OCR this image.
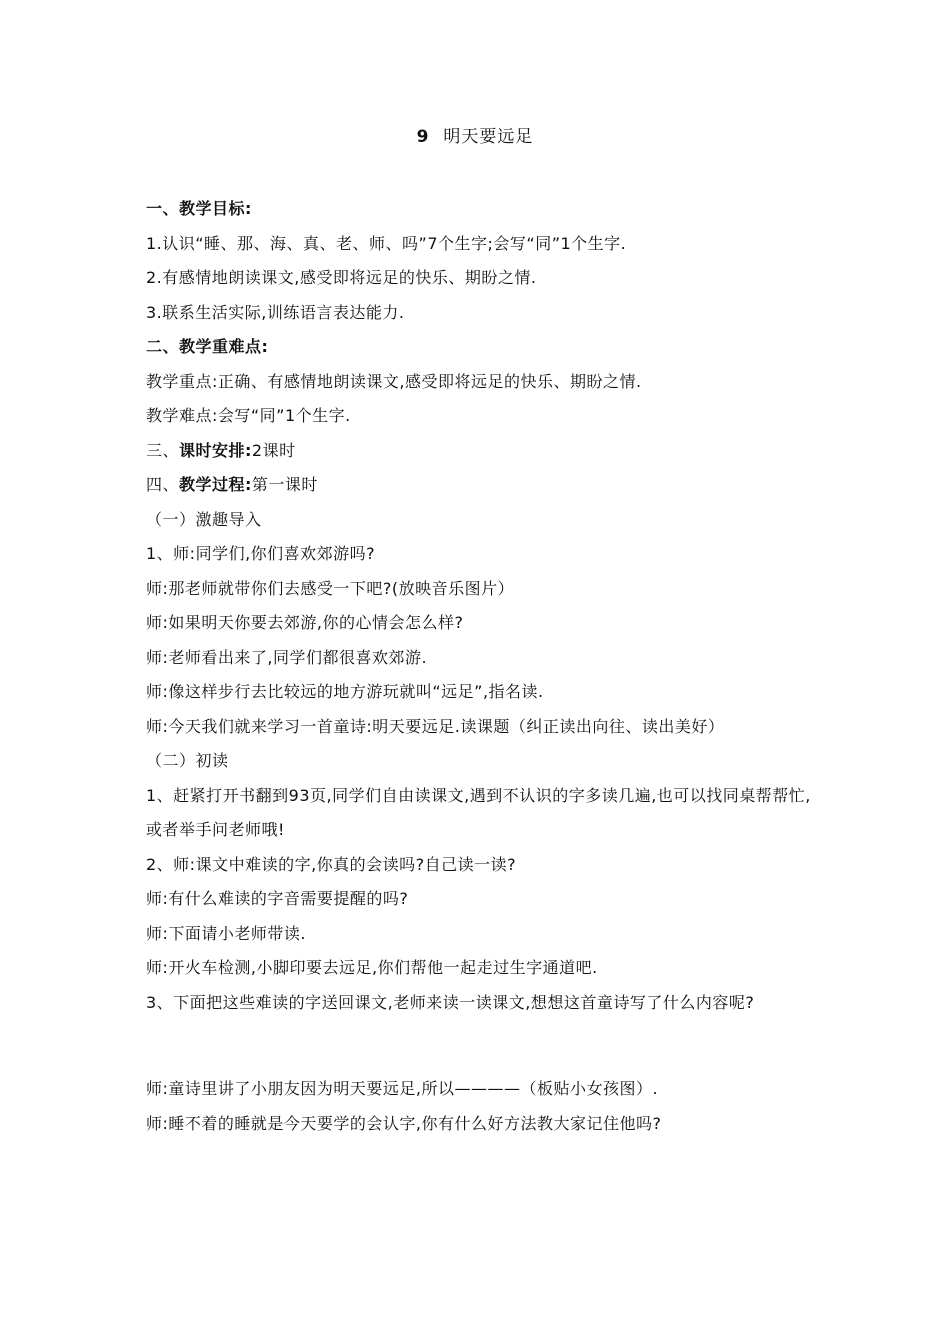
9 明天要远足
一、教学目标:
1.认识“睡、那、海、真、老、师、吗”7个生字;会写“同”1个生字.
2.有感情地朗读课文,感受即将远足的快乐、期盼之情.
3.联系生活实际,训练语言表达能力.
二、教学重难点:
教学重点:正确、有感情地朗读课文,感受即将远足的快乐、期盼之情.
教学难点:会写“同”1个生字.
三、课时安排:2课时
四、教学过程:第一课时
（一）激趣导入
1、师:同学们,你们喜欢郊游吗?
师:那老师就带你们去感受一下吧?(放映音乐图片）
师:如果明天你要去郊游,你的心情会怎么样?
师:老师看出来了,同学们都很喜欢郊游.
师:像这样步行去比较远的地方游玩就叫“远足”,指名读.
师:今天我们就来学习一首童诗:明天要远足.读课题（纠正读出向往、读出美好）
（二）初读
1、赶紧打开书翻到93页,同学们自由读课文,遇到不认识的字多读几遍,也可以找同桌帮帮忙,或者举手问老师哦!
2、师:课文中难读的字,你真的会读吗?自己读一读?
师:有什么难读的字音需要提醒的吗?
师:下面请小老师带读.
师:开火车检测,小脚印要去远足,你们帮他一起走过生字通道吧.
3、下面把这些难读的字送回课文,老师来读一读课文,想想这首童诗写了什么内容呢?
师:童诗里讲了小朋友因为明天要远足,所以————（板贴小女孩图）.
师:睡不着的睡就是今天要学的会认字,你有什么好方法教大家记住他吗?
